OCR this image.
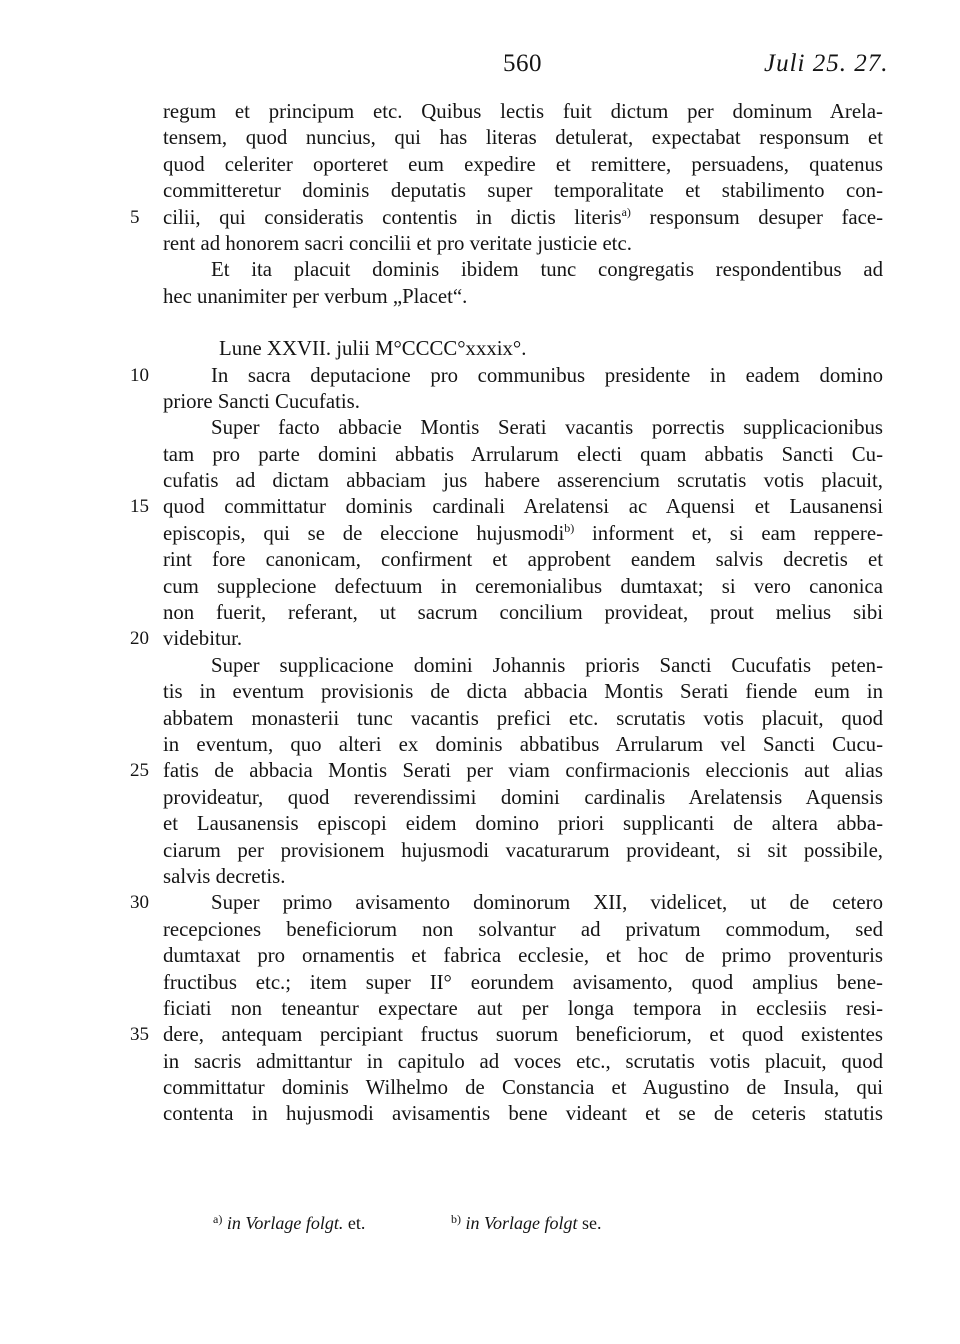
560	Juli 25. 27.
regum et principum etc. Quibus lectis fuit dictum per dominum Arela-
tensem, quod nuncius, qui has literas detulerat, expectabat responsum et
quod celeriter oporteret eum expedire et remittere, persuadens, quatenus
committeretur dominis deputatis super temporalitate et stabilimento con-
5	cilii, qui consideratis contentis in dictis literis$^{a)}$ responsum desuper face-
rent ad honorem sacri concilii et pro veritate justicie etc.
Et ita placuit dominis ibidem tunc congregatis respondentibus ad
hec unanimiter per verbum „Placet“.
Lune XXVII. julii M°CCCC°xxxix°.
10	In sacra deputacione pro communibus presidente in eadem domino
priore Sancti Cucufatis.
Super facto abbacie Montis Serati vacantis porrectis supplicacionibus
tam pro parte domini abbatis Arrularum electi quam abbatis Sancti Cu-
cufatis ad dictam abbaciam jus habere asserencium scrutatis votis placuit,
15 quod committatur dominis cardinali Arelatensi ac Aquensi et Lausanensi
episcopis, qui se de eleccione hujusmodi$^{b)}$ informent et, si eam reppere-
rint fore canonicam, confirment et approbent eandem salvis decretis et
cum supplecione defectuum in ceremonialibus dumtaxat; si vero canonica
non fuerit, referant, ut sacrum concilium provideat, prout melius sibi
20 videbitur.
Super supplicacione domini Johannis prioris Sancti Cucufatis peten-
tis in eventum provisionis de dicta abbacia Montis Serati fiende eum in
abbatem monasterii tunc vacantis prefici etc. scrutatis votis placuit, quod
in eventum, quo alteri ex dominis abbatibus Arrularum vel Sancti Cucu-
25 fatis de abbacia Montis Serati per viam confirmacionis eleccionis aut alias
provideatur, quod reverendissimi domini cardinalis Arelatensis Aquensis
et Lausanensis episcopi eidem domino priori supplicanti de altera abba-
ciarum per provisionem hujusmodi vacaturarum provideant, si sit possibile,
salvis decretis.
30	Super primo avisamento dominorum XII, videlicet, ut de cetero
recepciones beneficiorum non solvantur ad privatum commodum, sed
dumtaxat pro ornamentis et fabrica ecclesie, et hoc de primo proventuris
fructibus etc.; item super II° eorundem avisamento, quod amplius bene-
ficiati non teneantur expectare aut per longa tempora in ecclesiis resi-
35 dere, antequam percipiant fructus suorum beneficiorum, et quod existentes
in sacris admittantur in capitulo ad voces etc., scrutatis votis placuit, quod
committatur dominis Wilhelmo de Constancia et Augustino de Insula, qui
contenta in hujusmodi avisamentis bene videant et se de ceteris statutis
$^{a)}$ in Vorlage folgt. et.	$^{b)}$ in Vorlage folgt se.
